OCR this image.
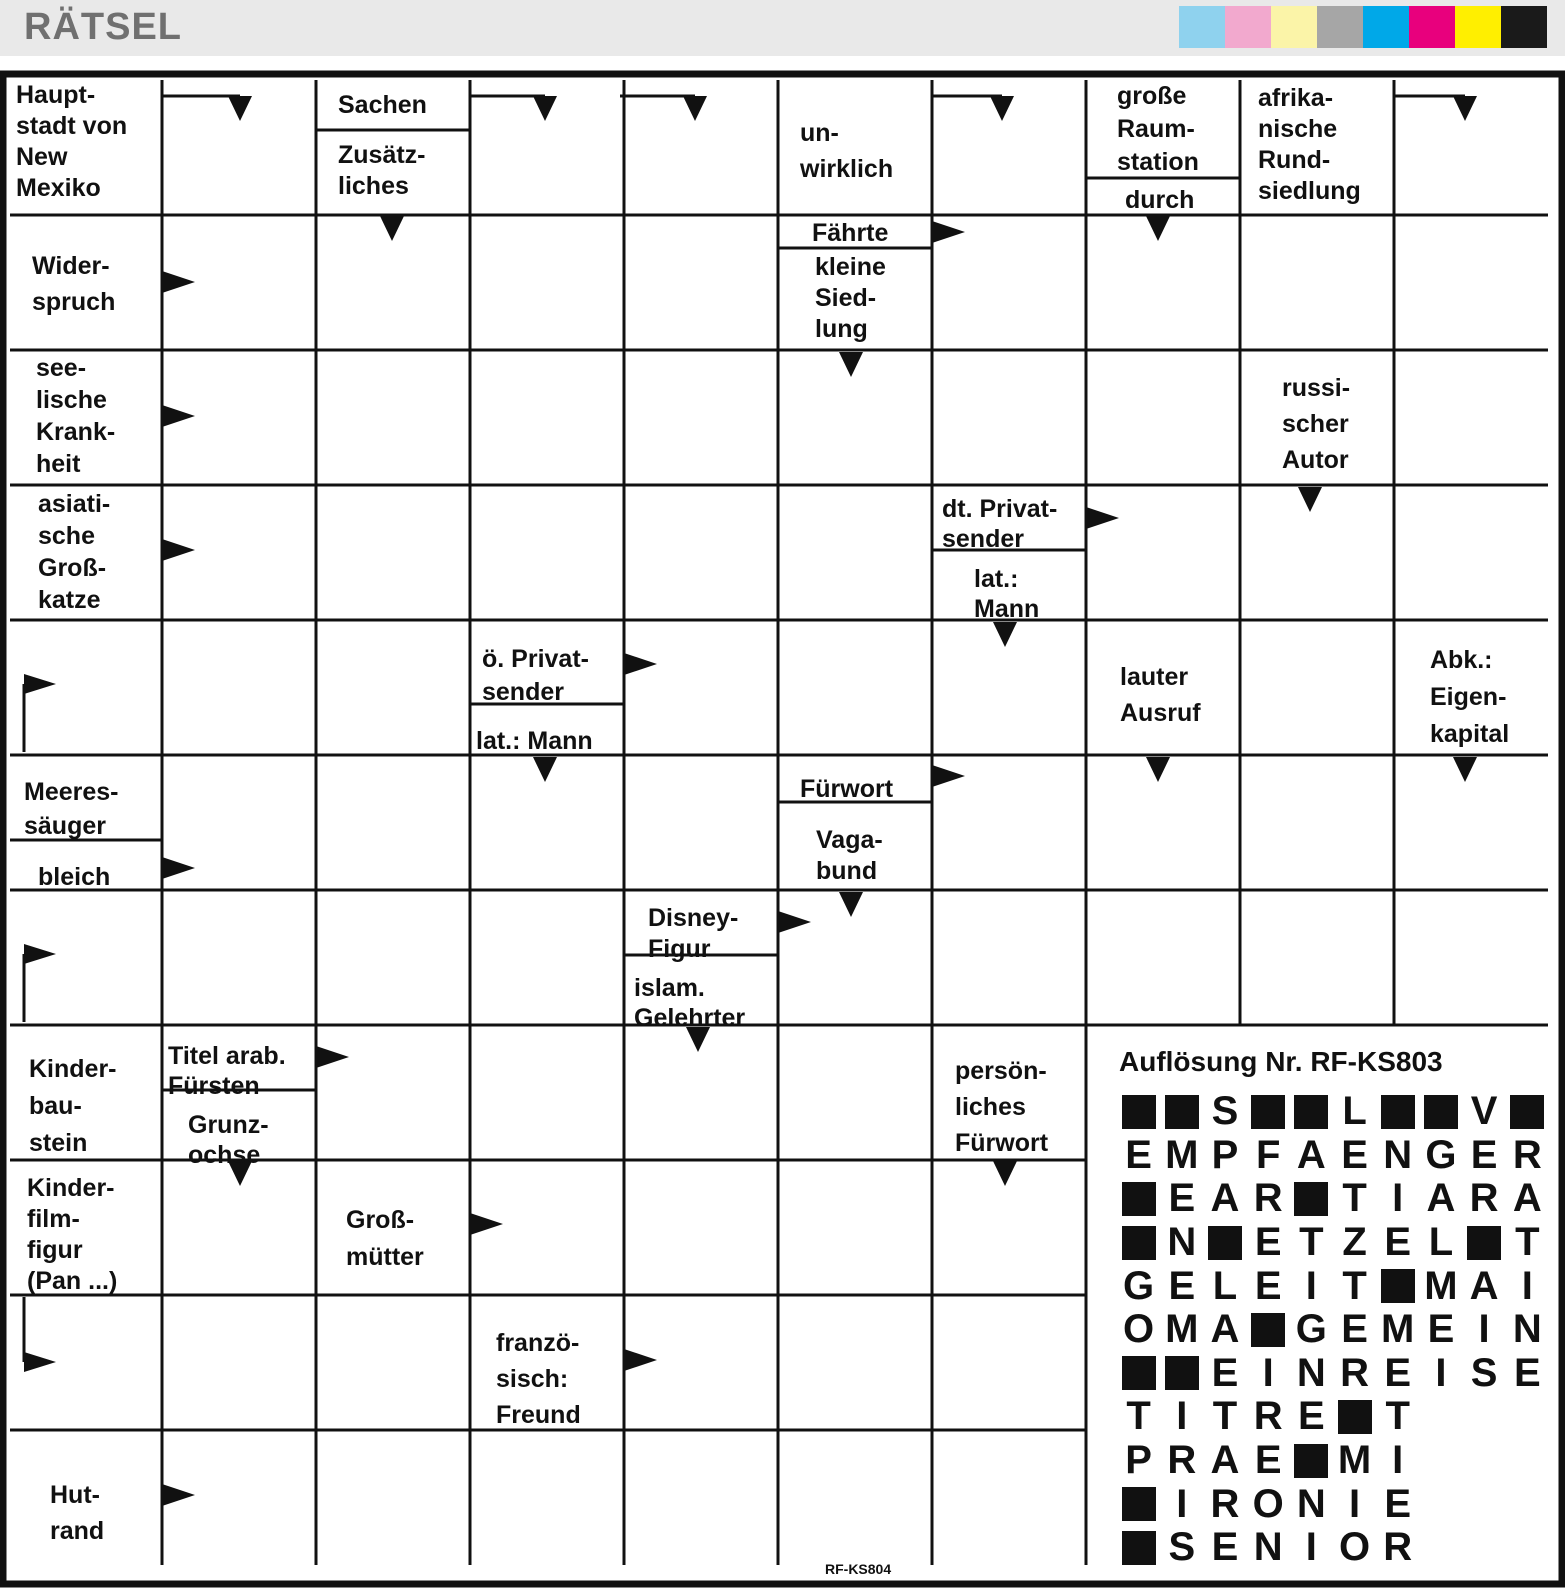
RÄTSEL
Haupt-
stadt von
New
Mexiko
Sachen
Zusätz-
liches
un-
wirklich
große
Raum-
station
durch
afrika-
nische
Rund-
siedlung
Wider-
spruch
Fährte
kleine
Sied-
lung
see-
lische
Krank-
heit
russi-
scher
Autor
asiati-
sche
Groß-
katze
dt. Privat-
sender
lat.:
Mann
ö. Privat-
sender
lat.: Mann
lauter
Ausruf
Abk.:
Eigen-
kapital
Meeres-
säuger
bleich
Fürwort
Vaga-
bund
Disney-
Figur
islam.
Gelehrter
Kinder-
bau-
stein
Titel arab.
Fürsten
Grunz-
ochse
persön-
liches
Fürwort
Kinder-
film-
figur
(Pan ...)
Groß-
mütter
franzö-
sisch:
Freund
Hut-
rand
RF-KS804
Auflösung Nr. RF-KS803
S	L	V
E M P F A E N G E R
E A R T I A R A
N E T Z E L T
G E L E I T M A I
O M A G E M E I N
E I N R E I S E
T I T R E T
P R A E M I
I R O N I E
S E N I O R
